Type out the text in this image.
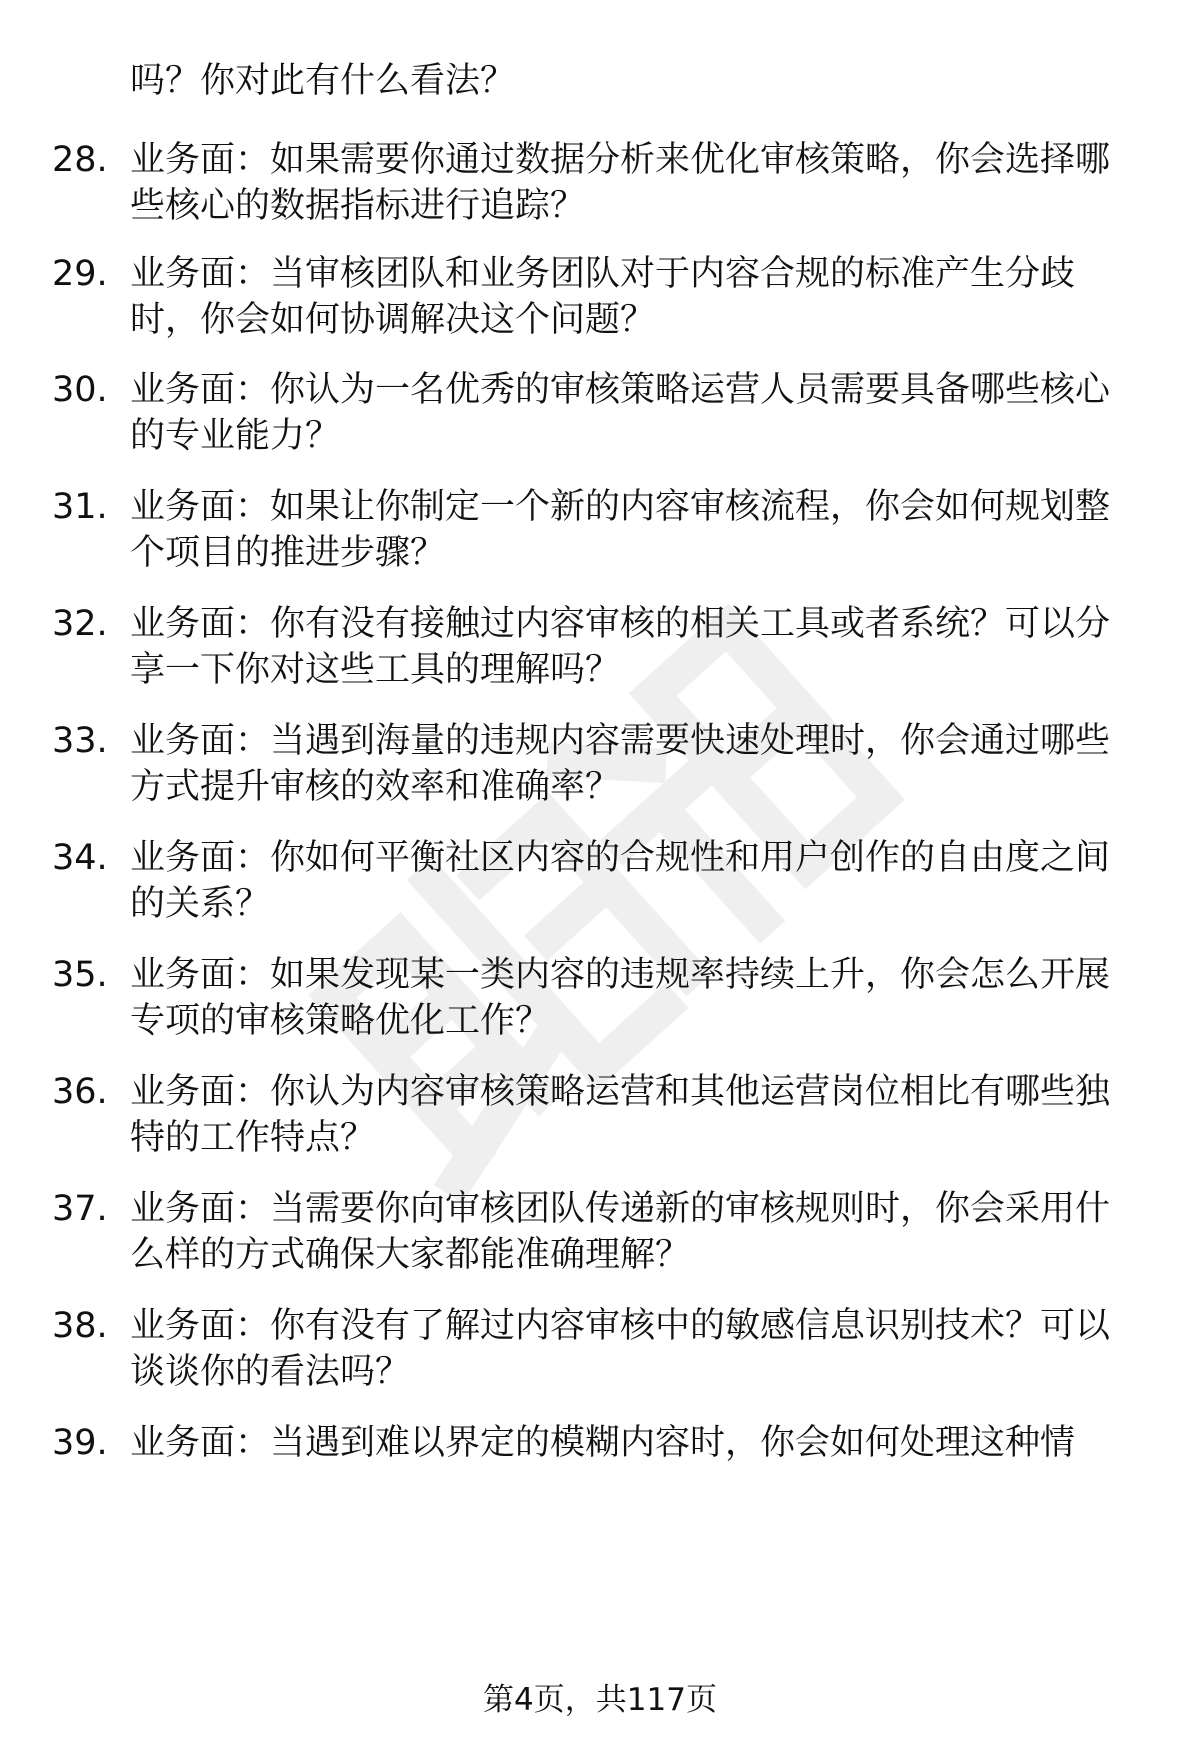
吗？你对此有什么看法？
28. 业务面：如果需要你通过数据分析来优化审核策略，你会选择哪
些核心的数据指标进行追踪？
29. 业务面：当审核团队和业务团队对于内容合规的标准产生分歧
时，你会如何协调解决这个问题？
30. 业务面：你认为一名优秀的审核策略运营人员需要具备哪些核心
的专业能力？
31. 业务面：如果让你制定一个新的内容审核流程，你会如何规划整
个项目的推进步骤？
32. 业务面：你有没有接触过内容审核的相关工具或者系统？可以分
享一下你对这些工具的理解吗？
33. 业务面：当遇到海量的违规内容需要快速处理时，你会通过哪些
方式提升审核的效率和准确率？
34. 业务面：你如何平衡社区内容的合规性和用户创作的自由度之间
的关系？
35. 业务面：如果发现某一类内容的违规率持续上升，你会怎么开展
专项的审核策略优化工作？
36. 业务面：你认为内容审核策略运营和其他运营岗位相比有哪些独
特的工作特点？
37. 业务面：当需要你向审核团队传递新的审核规则时，你会采用什
么样的方式确保大家都能准确理解？
38. 业务面：你有没有了解过内容审核中的敏感信息识别技术？可以
谈谈你的看法吗？
39. 业务面：当遇到难以界定的模糊内容时，你会如何处理这种情
第4页，共117页
